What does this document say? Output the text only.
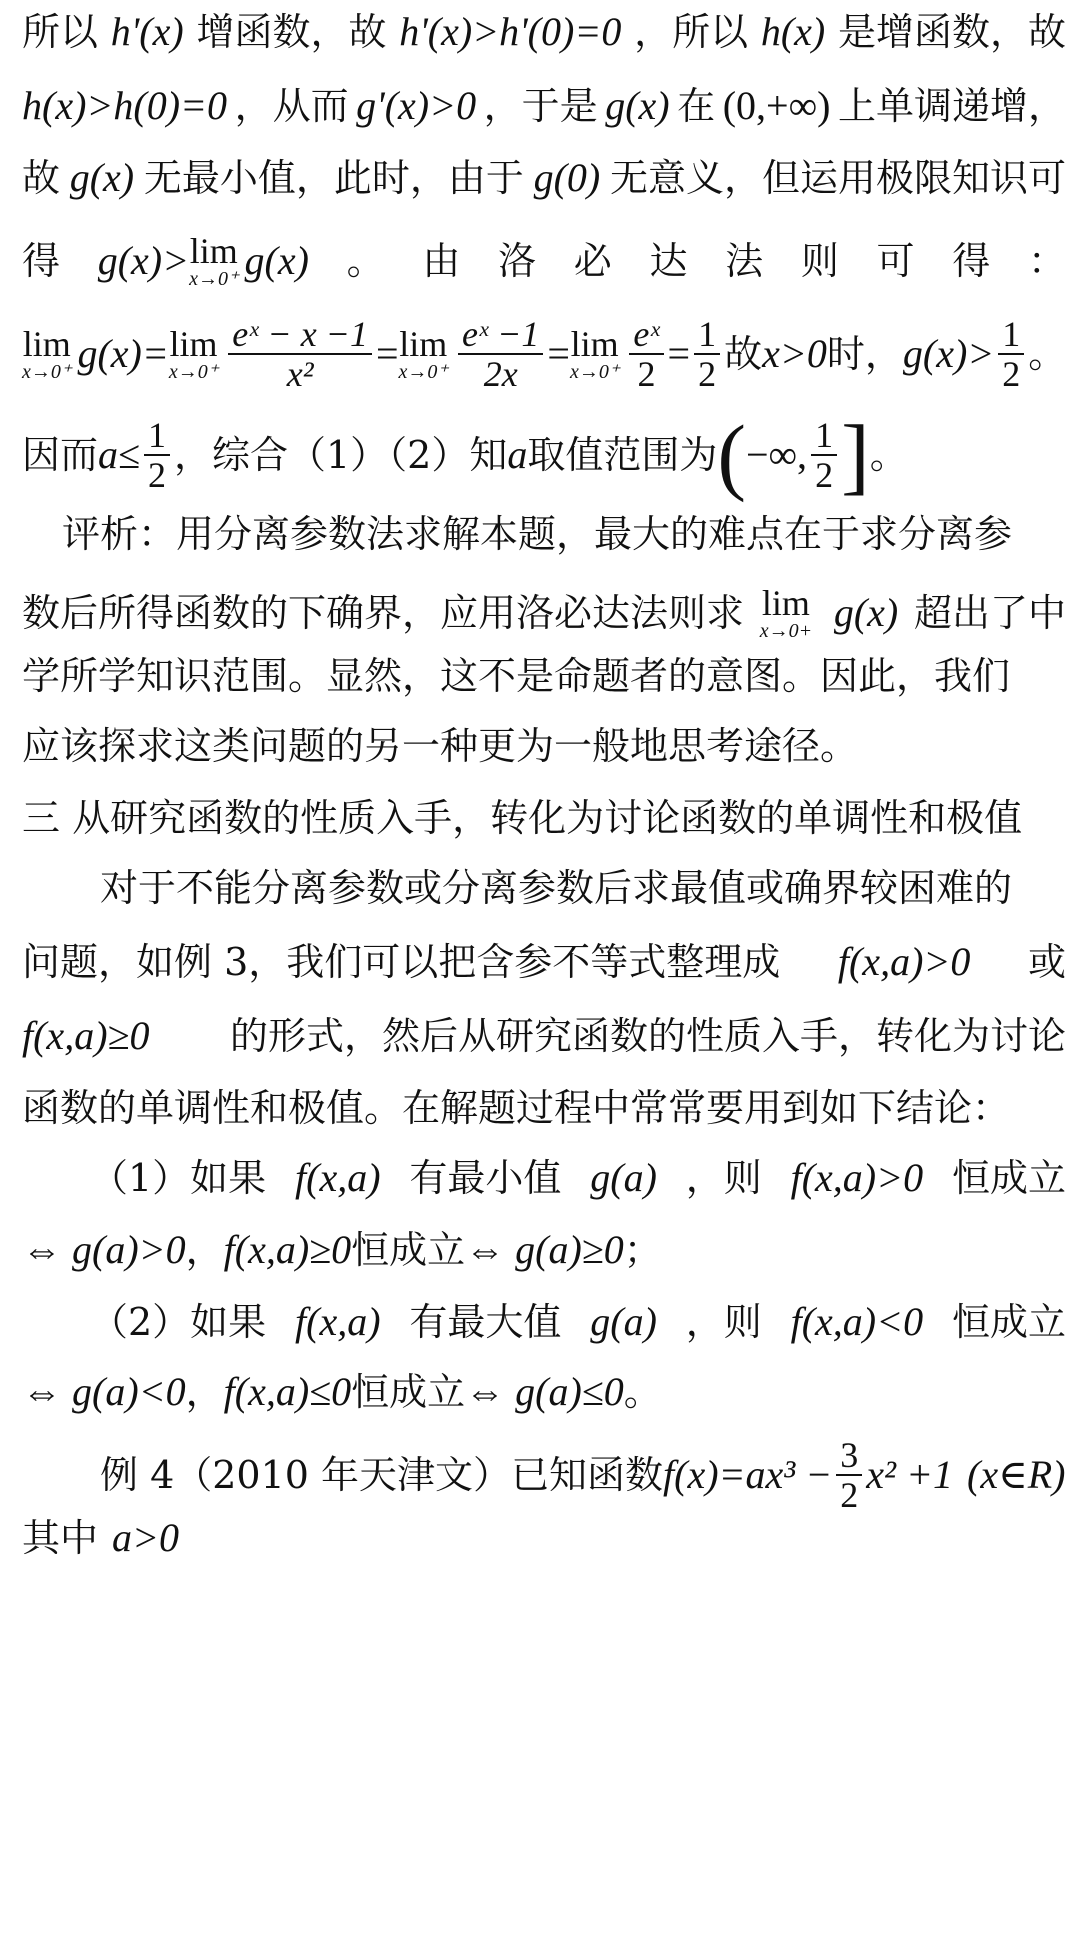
所以 h'(x) 增函数，故 h'(x)>h'(0)=0 ，所以 h(x) 是增函数，故
h(x)>h(0)=0 ，从而 g'(x)>0 ，于是 g(x) 在 (0,+∞) 上单调递增，
故 g(x) 无最小值，此时，由于 g(0) 无意义，但运用极限知识可
得 g(x)> lim
x→0⁺ g(x) 。 由 洛 必 达 法 则 可 得 ：
lim
x→0⁺ g(x)= lim
$x\to 0^+ \frac{\text{eˣ − x −1}}{\text{x²}} = \lim$
$x\to 0^+ \frac{\text{eˣ −1}}{2x} = \lim$
$x\to 0^+ \frac{\text{eˣ}}{2} = \frac{1}{2}$ 故 x>0 时， $g(x)> \frac{1}{2}$ 。
因而 $a\le \frac{1}{2}$ ，综合（1）（2）知 a 取值范围为 ( −∞, $\frac{1}{2}$ ] 。
评析：用分离参数法求解本题，最大的难点在于求分离参
数后所得函数的下确界，应用洛必达法则求 lim
x→0+ g(x) 超出了中
学所学知识范围。显然，这不是命题者的意图。因此，我们
应该探求这类问题的另一种更为一般地思考途径。
三 从研究函数的性质入手，转化为讨论函数的单调性和极值
对于不能分离参数或分离参数后求最值或确界较困难的
问题，如例 3，我们可以把含参不等式整理成 f(x,a)>0 或
f(x,a)≥0 的形式，然后从研究函数的性质入手，转化为讨论
函数的单调性和极值。在解题过程中常常要用到如下结论：
（1）如果 f(x,a) 有最小值 g(a) ，则 f(x,a)>0 恒成立
⇔ g(a)>0 ， f(x,a)≥0 恒成立 ⇔ g(a)≥0 ；
（2）如果 f(x,a) 有最大值 g(a) ，则 f(x,a)<0 恒成立
⇔ g(a)<0 ， f(x,a)≤0 恒成立 ⇔ g(a)≤0 。
例 4（2010 年天津文）已知函数 $f(x)=ax^3 - \frac{3}{2} x^2 +1$ (x∈R)
其中 a>0
